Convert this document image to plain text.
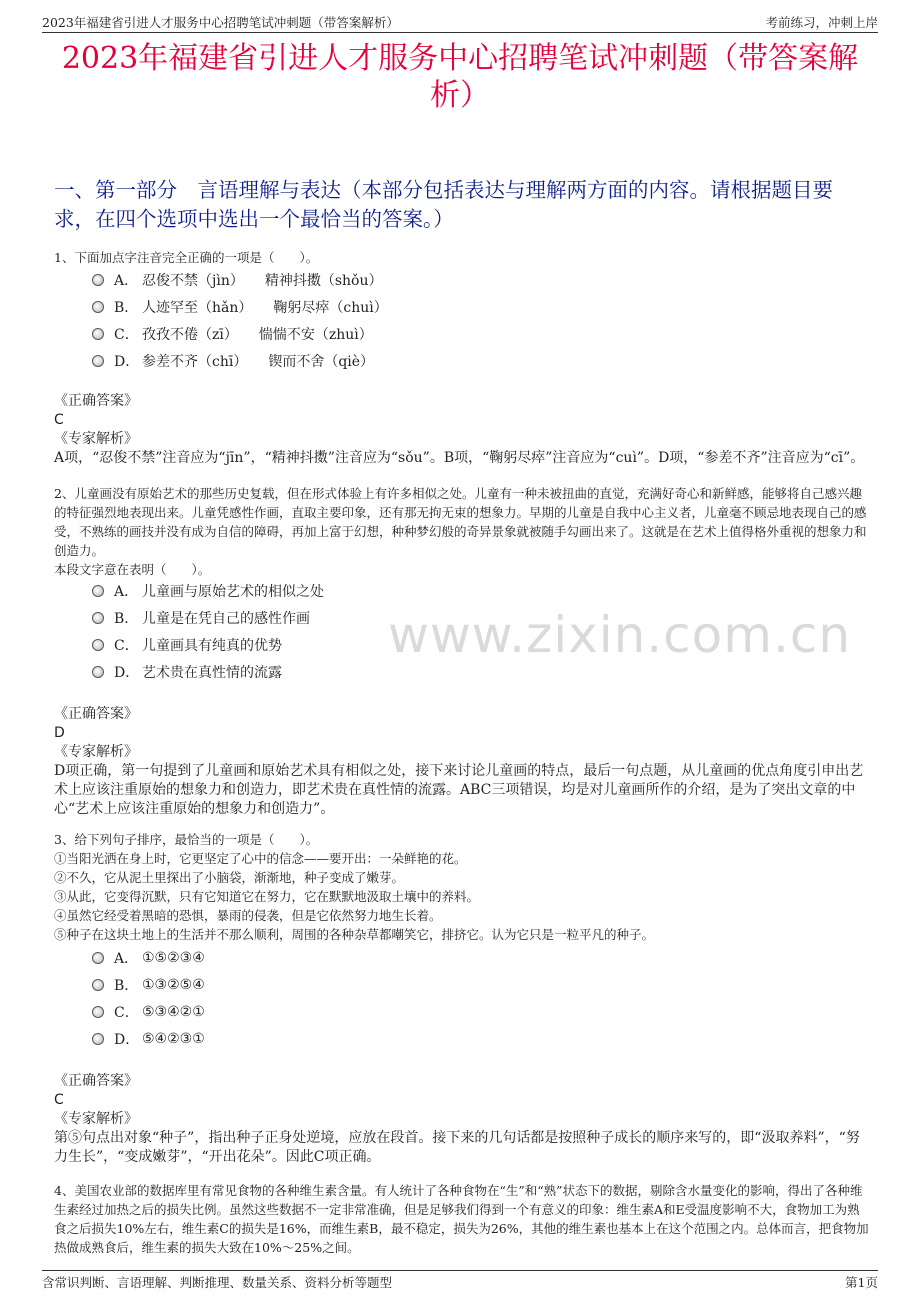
2023年福建省引进人才服务中心招聘笔试冲刺题（带答案解析）	考前练习，冲刺上岸
2023年福建省引进人才服务中心招聘笔试冲刺题（带答案解析）
一、第一部分　言语理解与表达（本部分包括表达与理解两方面的内容。请根据题目要求，在四个选项中选出一个最恰当的答案。）

1、下面加点字注音完全正确的一项是（　　）。

A． 忍俊不禁（jìn）　　精神抖擞（shǒu）
B． 人迹罕至（hǎn）　　鞠躬尽瘁（chuì）
C． 孜孜不倦（zī）　　惴惴不安（zhuì）
D． 参差不齐（chī）　　锲而不舍（qiè）

《正确答案》

C

《专家解析》

A项，“忍俊不禁”注音应为“jīn”，“精神抖擞”注音应为“sǒu”。B项，“鞠躬尽瘁”注音应为“cuì”。D项，“参差不齐”注音应为“cī”。

2、儿童画没有原始艺术的那些历史复载，但在形式体验上有许多相似之处。儿童有一种未被扭曲的直觉，充满好奇心和新鲜感，能够将自己感兴趣的特征强烈地表现出来。儿童凭感性作画，直取主要印象，还有那无拘无束的想象力。早期的儿童是自我中心主义者，儿童毫不顾忌地表现自己的感受，不熟练的画技并没有成为自信的障碍，再加上富于幻想，种种梦幻般的奇异景象就被随手勾画出来了。这就是在艺术上值得格外重视的想象力和创造力。

本段文字意在表明（　　）。

A． 儿童画与原始艺术的相似之处
B． 儿童是在凭自己的感性作画
C． 儿童画具有纯真的优势
D． 艺术贵在真性情的流露

《正确答案》

D

《专家解析》

D项正确，第一句提到了儿童画和原始艺术具有相似之处，接下来讨论儿童画的特点，最后一句点题，从儿童画的优点角度引申出艺术上应该注重原始的想象力和创造力，即艺术贵在真性情的流露。ABC三项错误，均是对儿童画所作的介绍，是为了突出文章的中心“艺术上应该注重原始的想象力和创造力”。

www.zixin.com.cn

3、给下列句子排序，最恰当的一项是（　　）。

①当阳光洒在身上时，它更坚定了心中的信念——要开出：一朵鲜艳的花。

②不久，它从泥土里探出了小脑袋，渐渐地，种子变成了嫩芽。

③从此，它变得沉默，只有它知道它在努力，它在默默地汲取土壤中的养料。

④虽然它经受着黑暗的恐惧，暴雨的侵袭，但是它依然努力地生长着。

⑤种子在这块土地上的生活并不那么顺利，周围的各种杂草都嘲笑它，排挤它。认为它只是一粒平凡的种子。

A． ①⑤②③④
B． ①③②⑤④
C． ⑤③④②①
D． ⑤④②③①

《正确答案》

C

《专家解析》

第⑤句点出对象“种子”，指出种子正身处逆境，应放在段首。接下来的几句话都是按照种子成长的顺序来写的，即“汲取养料”，“努力生长”，“变成嫩芽”，“开出花朵”。因此C项正确。

4、美国农业部的数据库里有常见食物的各种维生素含量。有人统计了各种食物在“生”和“熟”状态下的数据，剔除含水量变化的影响，得出了各种维生素经过加热之后的损失比例。虽然这些数据不一定非常准确，但是足够我们得到一个有意义的印象：维生素A和E受温度影响不大，食物加工为熟食之后损失10%左右，维生素C的损失是16%，而维生素B，最不稳定，损失为26%，其他的维生素也基本上在这个范围之内。总体而言，把食物加热做成熟食后，维生素的损失大致在10%～25%之间。

含常识判断、言语理解、判断推理、数量关系、资料分析等题型	第1页
